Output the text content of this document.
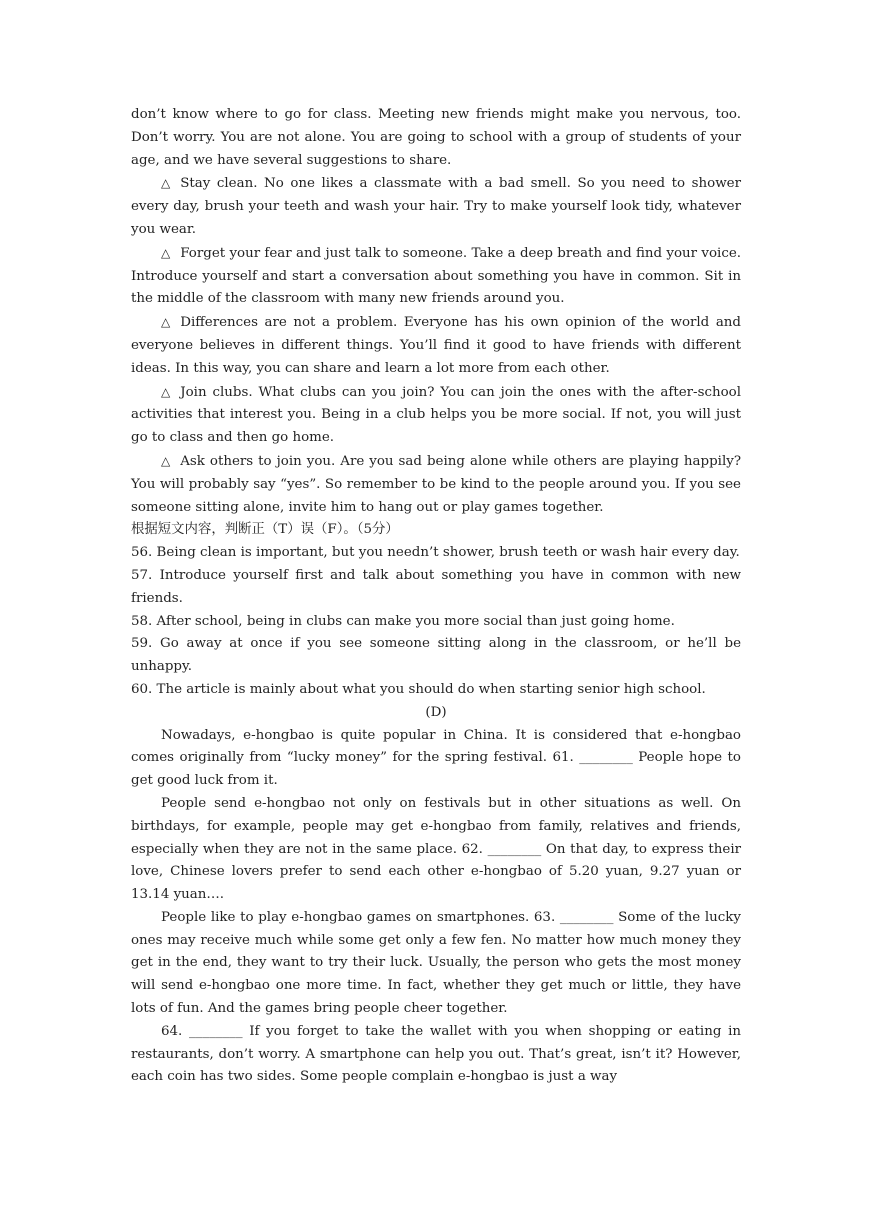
don’t know where to go for class. Meeting new friends might make you nervous, too. Don’t worry. You are not alone. You are going to school with a group of students of your age, and we have several suggestions to share.

△ Stay clean. No one likes a classmate with a bad smell. So you need to shower every day, brush your teeth and wash your hair. Try to make yourself look tidy, whatever you wear.

△ Forget your fear and just talk to someone. Take a deep breath and find your voice. Introduce yourself and start a conversation about something you have in common. Sit in the middle of the classroom with many new friends around you.

△ Differences are not a problem. Everyone has his own opinion of the world and everyone believes in different things. You’ll find it good to have friends with different ideas. In this way, you can share and learn a lot more from each other.

△ Join clubs. What clubs can you join? You can join the ones with the after-school activities that interest you. Being in a club helps you be more social. If not, you will just go to class and then go home.

△ Ask others to join you. Are you sad being alone while others are playing happily? You will probably say “yes”. So remember to be kind to the people around you. If you see someone sitting alone, invite him to hang out or play games together.

根据短文内容，判断正（T）误（F）。（5分）

56. Being clean is important, but you needn’t shower, brush teeth or wash hair every day.

57. Introduce yourself first and talk about something you have in common with new friends.

58. After school, being in clubs can make you more social than just going home.

59. Go away at once if you see someone sitting along in the classroom, or he’ll be unhappy.

60. The article is mainly about what you should do when starting senior high school.

(D)

Nowadays, e-hongbao is quite popular in China. It is considered that e-hongbao comes originally from “lucky money” for the spring festival. 61. ________ People hope to get good luck from it.

People send e-hongbao not only on festivals but in other situations as well. On birthdays, for example, people may get e-hongbao from family, relatives and friends, especially when they are not in the same place. 62. ________ On that day, to express their love, Chinese lovers prefer to send each other e-hongbao of 5.20 yuan, 9.27 yuan or 13.14 yuan….

People like to play e-hongbao games on smartphones. 63. ________ Some of the lucky ones may receive much while some get only a few fen. No matter how much money they get in the end, they want to try their luck. Usually, the person who gets the most money will send e-hongbao one more time. In fact, whether they get much or little, they have lots of fun. And the games bring people cheer together.

64. ________ If you forget to take the wallet with you when shopping or eating in restaurants, don’t worry. A smartphone can help you out. That’s great, isn’t it? However, each coin has two sides. Some people complain e-hongbao is just a way
